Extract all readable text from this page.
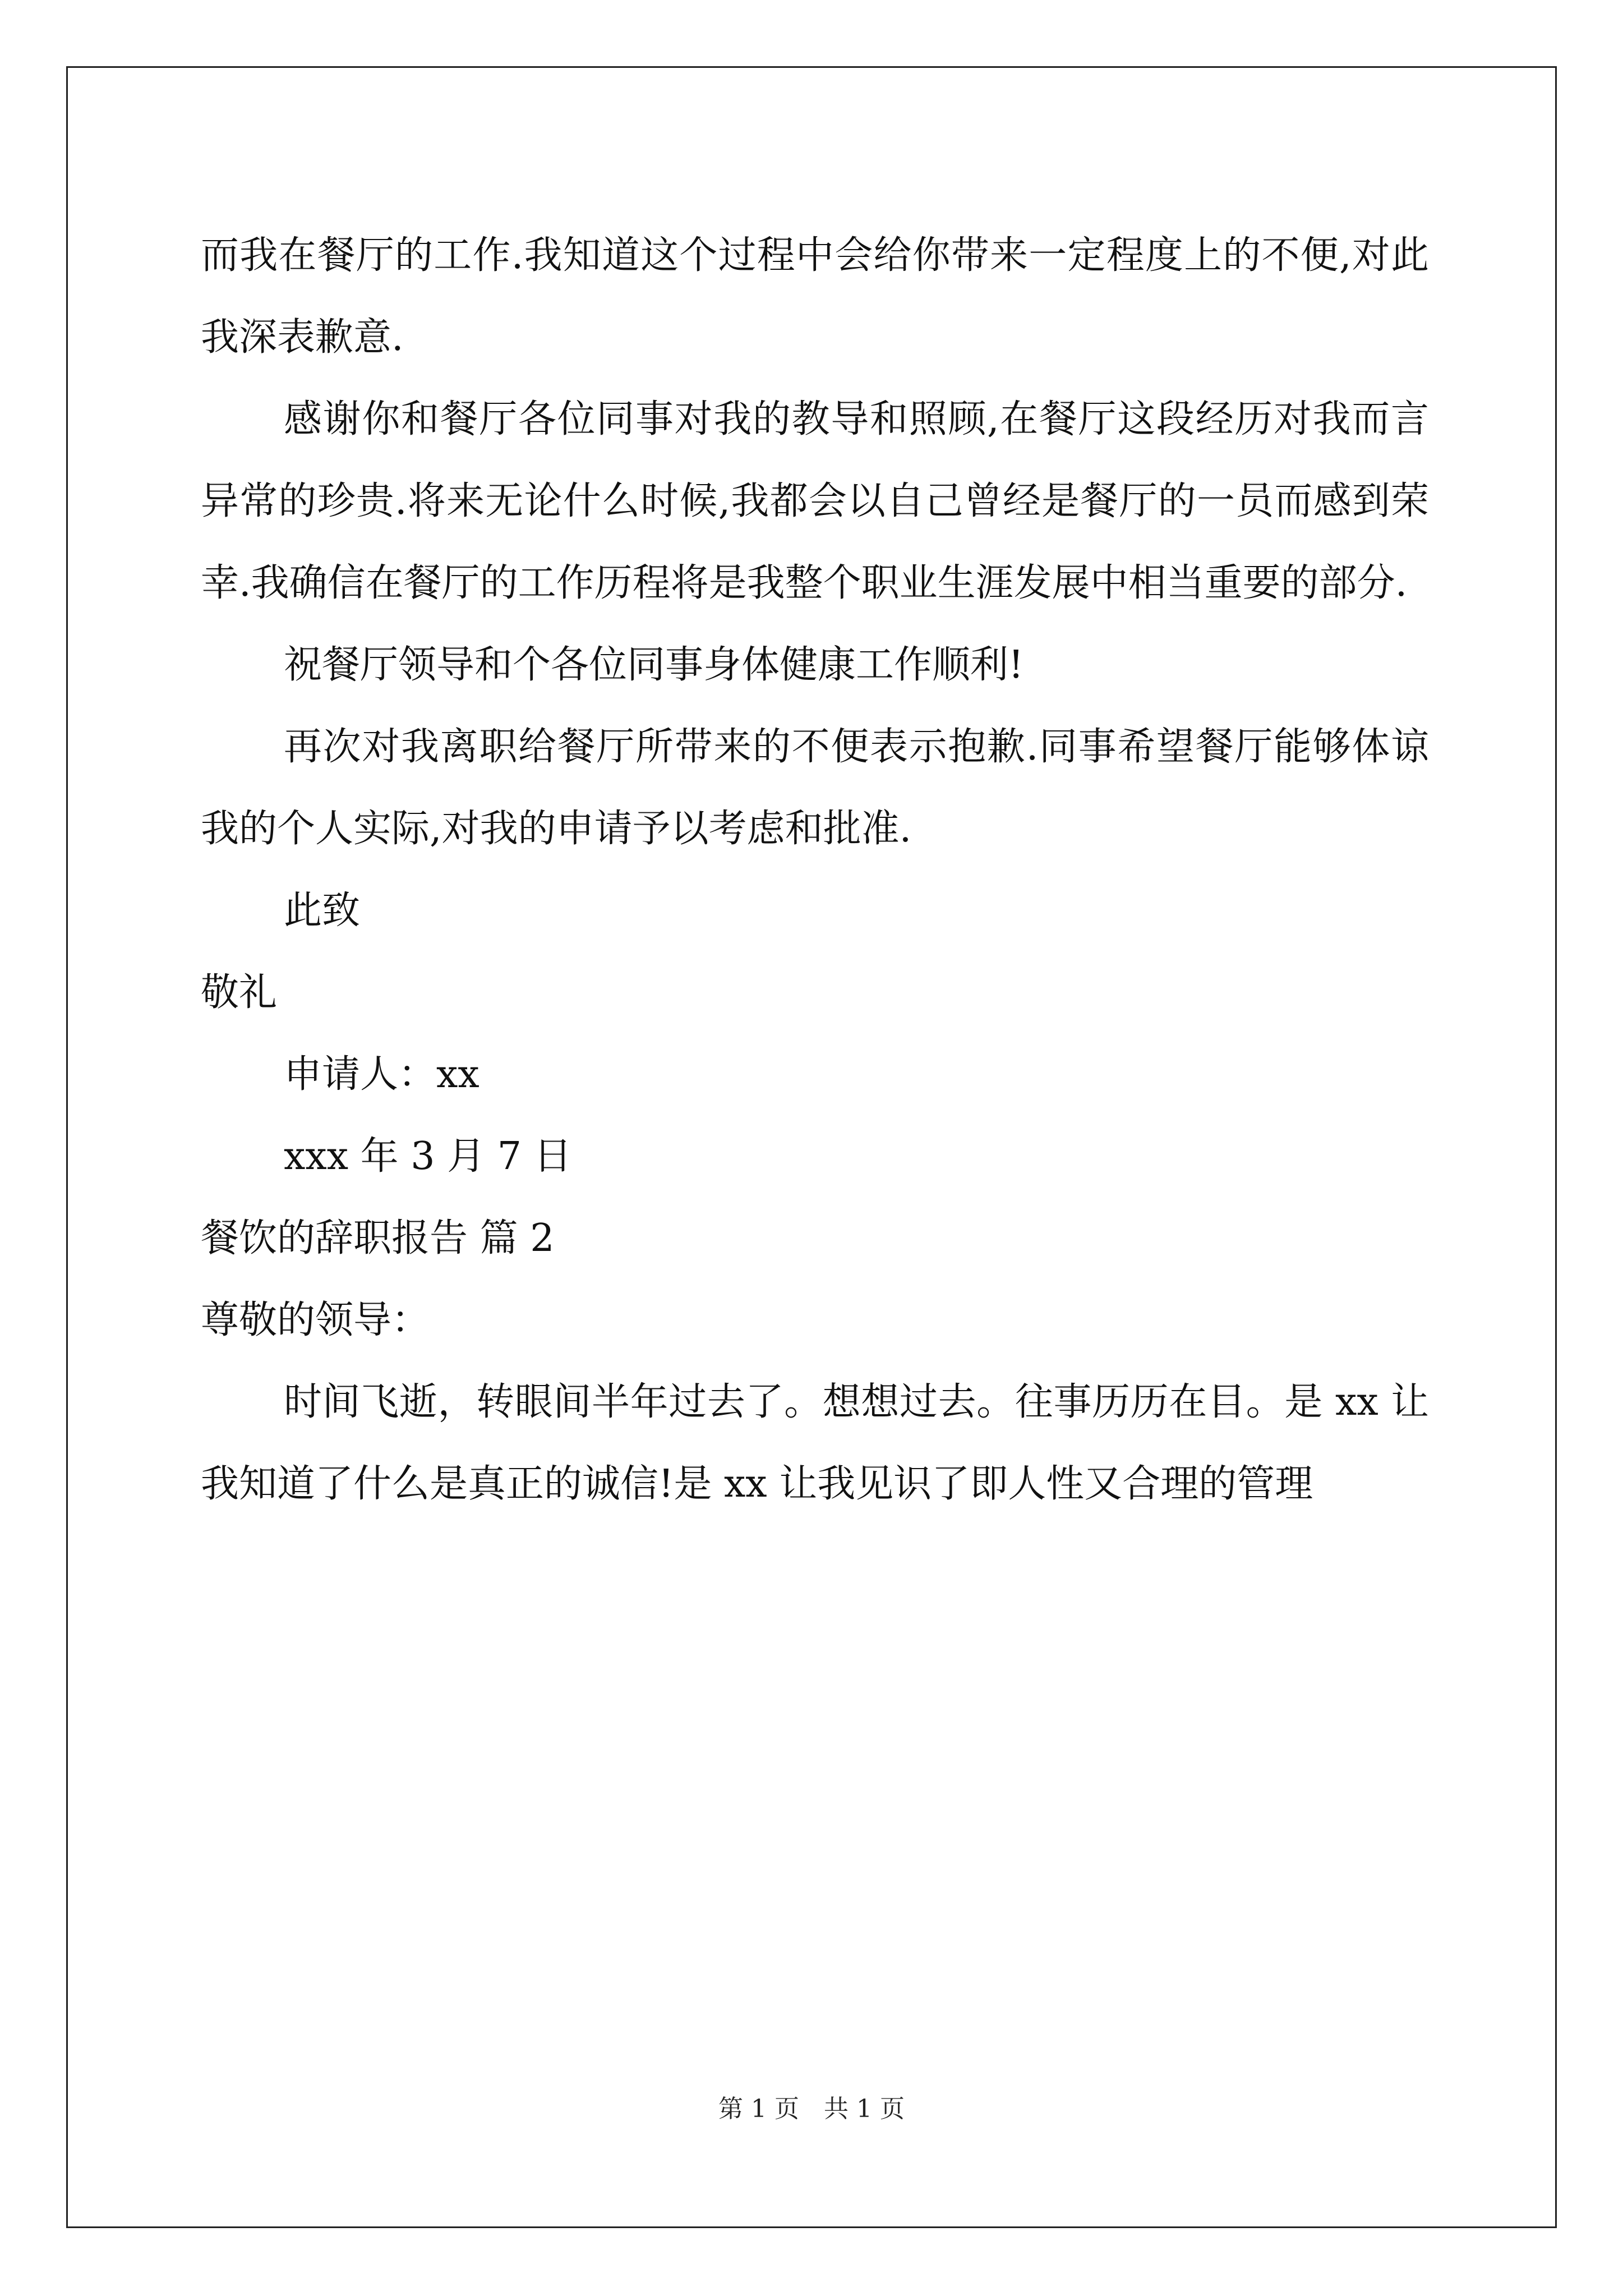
而我在餐厅的工作.我知道这个过程中会给你带来一定程度上的不便,对此我深表歉意.

感谢你和餐厅各位同事对我的教导和照顾,在餐厅这段经历对我而言异常的珍贵.将来无论什么时候,我都会以自己曾经是餐厅的一员而感到荣幸.我确信在餐厅的工作历程将是我整个职业生涯发展中相当重要的部分.

祝餐厅领导和个各位同事身体健康工作顺利!

再次对我离职给餐厅所带来的不便表示抱歉.同事希望餐厅能够体谅我的个人实际,对我的申请予以考虑和批准.

此致

敬礼

申请人：xx

xxx 年 3 月 7 日

餐饮的辞职报告 篇 2

尊敬的领导：

时间飞逝，转眼间半年过去了。想想过去。往事历历在目。是 xx 让我知道了什么是真正的诚信!是 xx 让我见识了即人性又合理的管理

第 1 页 共 1 页
